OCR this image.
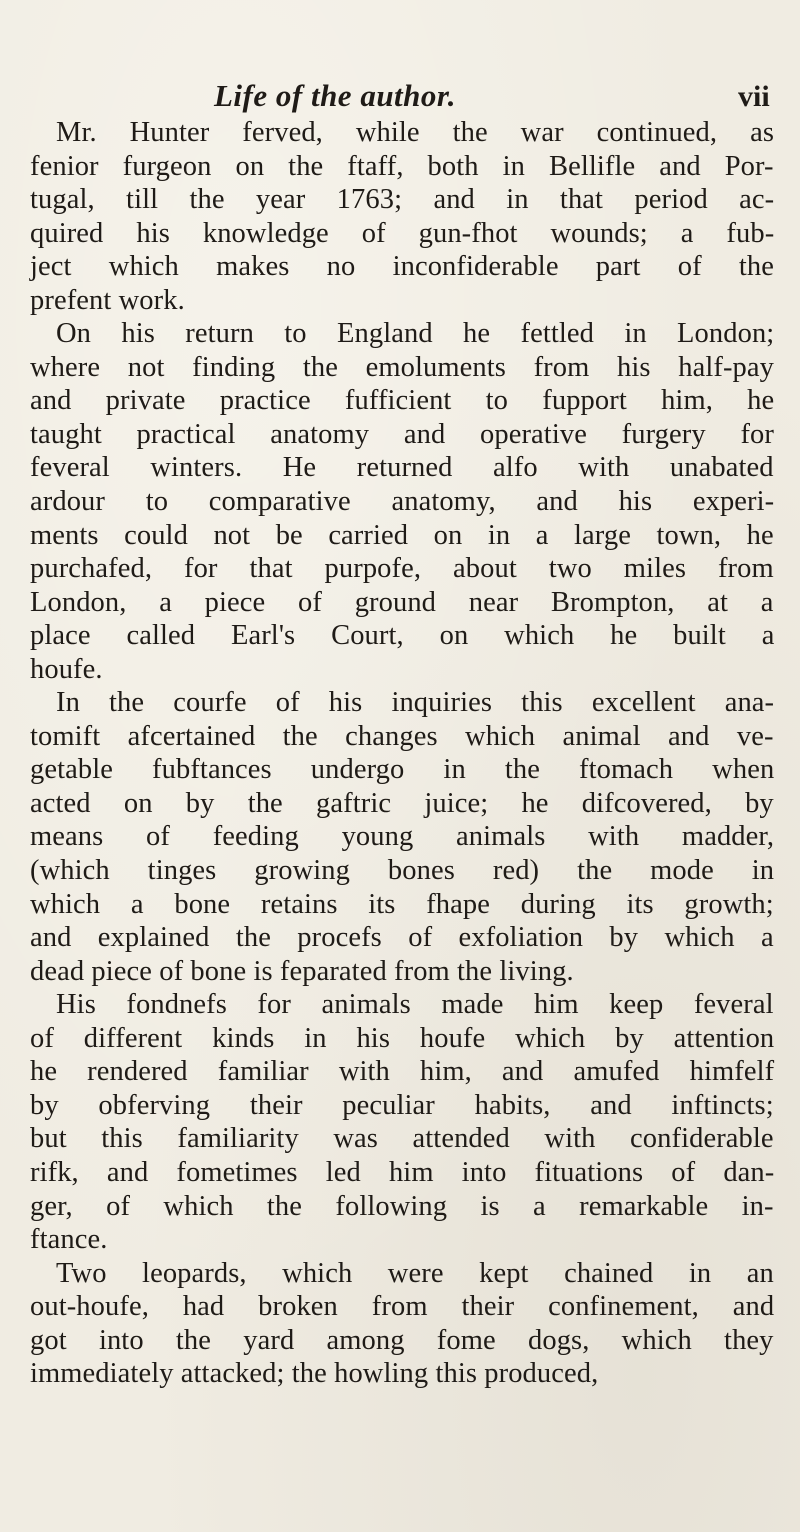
Life of the author.	vii
Mr. Hunter ferved, while the war continued, as
fenior furgeon on the ftaff, both in Bellifle and Por-
tugal, till the year 1763; and in that period ac-
quired his knowledge of gun-fhot wounds; a fub-
ject which makes no inconfiderable part of the
prefent work.
On his return to England he fettled in London;
where not finding the emoluments from his half-pay
and private practice fufficient to fupport him, he
taught practical anatomy and operative furgery for
feveral winters. He returned alfo with unabated
ardour to comparative anatomy, and his experi-
ments could not be carried on in a large town, he
purchafed, for that purpofe, about two miles from
London, a piece of ground near Brompton, at a
place called Earl's Court, on which he built a
houfe.
In the courfe of his inquiries this excellent ana-
tomift afcertained the changes which animal and ve-
getable fubftances undergo in the ftomach when
acted on by the gaftric juice; he difcovered, by
means of feeding young animals with madder,
(which tinges growing bones red) the mode in
which a bone retains its fhape during its growth;
and explained the procefs of exfoliation by which a
dead piece of bone is feparated from the living.
His fondnefs for animals made him keep feveral
of different kinds in his houfe which by attention
he rendered familiar with him, and amufed himfelf
by obferving their peculiar habits, and inftincts;
but this familiarity was attended with confiderable
rifk, and fometimes led him into fituations of dan-
ger, of which the following is a remarkable in-
ftance.
Two leopards, which were kept chained in an
out-houfe, had broken from their confinement, and
got into the yard among fome dogs, which they
immediately attacked; the howling this produced,
